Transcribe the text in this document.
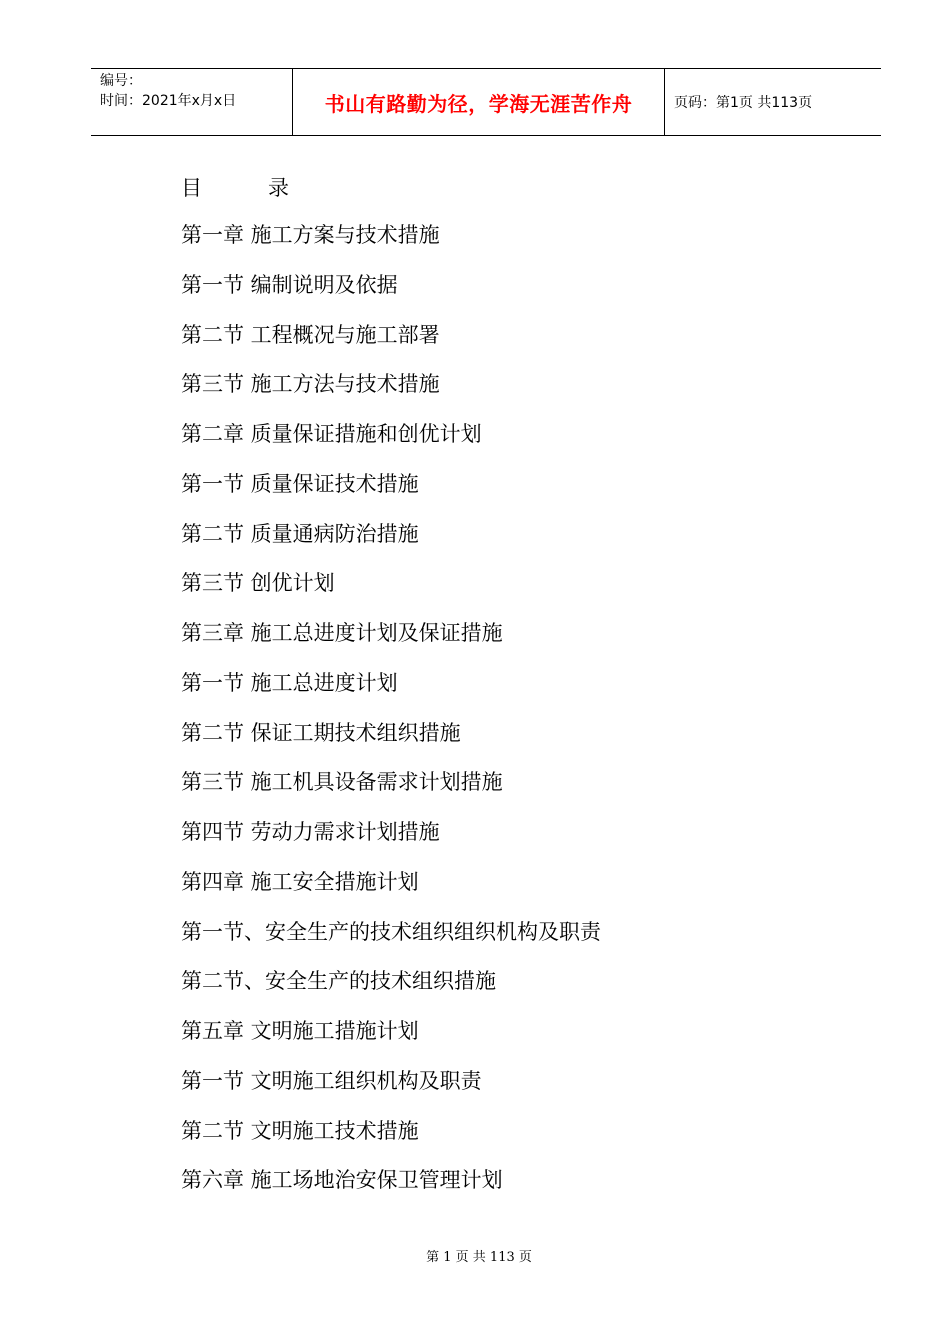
编号：
时间：2021年x月x日	书山有路勤为径，学海无涯苦作舟	页码：第1页 共113页
目	录
第一章 施工方案与技术措施
第一节 编制说明及依据
第二节 工程概况与施工部署
第三节 施工方法与技术措施
第二章 质量保证措施和创优计划
第一节 质量保证技术措施
第二节 质量通病防治措施
第三节 创优计划
第三章 施工总进度计划及保证措施
第一节 施工总进度计划
第二节 保证工期技术组织措施
第三节 施工机具设备需求计划措施
第四节 劳动力需求计划措施
第四章 施工安全措施计划
第一节、安全生产的技术组织组织机构及职责
第二节、安全生产的技术组织措施
第五章 文明施工措施计划
第一节 文明施工组织机构及职责
第二节 文明施工技术措施
第六章 施工场地治安保卫管理计划
第 1 页 共 113 页
